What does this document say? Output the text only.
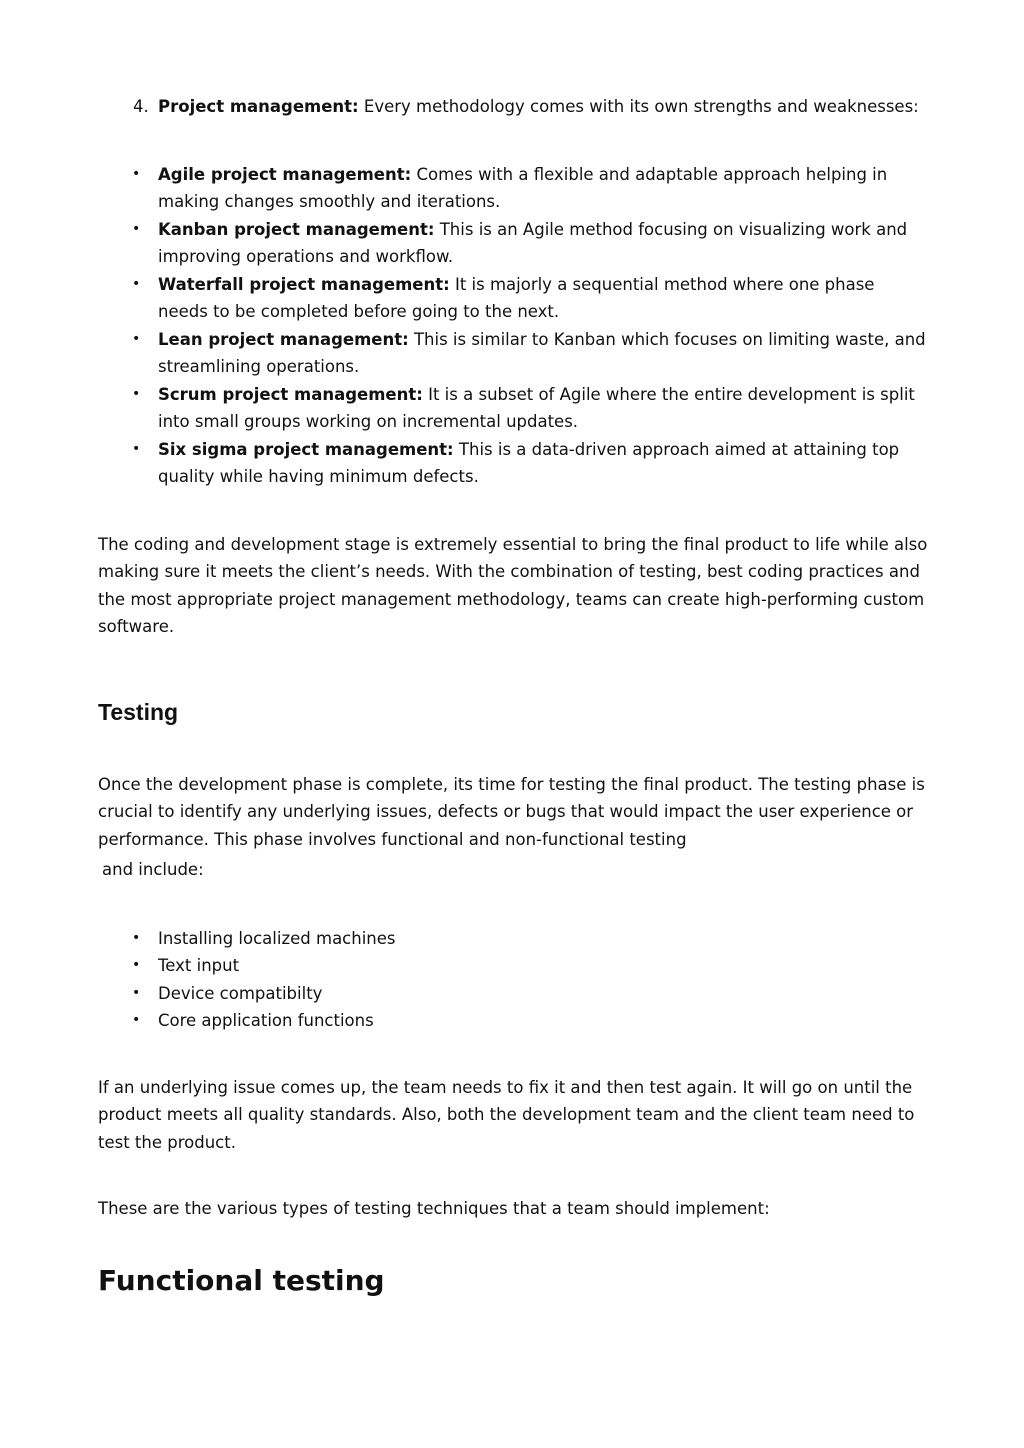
4. Project management: Every methodology comes with its own strengths and weaknesses:
• Agile project management: Comes with a flexible and adaptable approach helping in making changes smoothly and iterations.
• Kanban project management: This is an Agile method focusing on visualizing work and improving operations and workflow.
• Waterfall project management: It is majorly a sequential method where one phase needs to be completed before going to the next.
• Lean project management: This is similar to Kanban which focuses on limiting waste, and streamlining operations.
• Scrum project management: It is a subset of Agile where the entire development is split into small groups working on incremental updates.
• Six sigma project management: This is a data-driven approach aimed at attaining top quality while having minimum defects.

The coding and development stage is extremely essential to bring the final product to life while also making sure it meets the client’s needs. With the combination of testing, best coding practices and the most appropriate project management methodology, teams can create high-performing custom software.

Testing

Once the development phase is complete, its time for testing the final product. The testing phase is crucial to identify any underlying issues, defects or bugs that would impact the user experience or performance. This phase involves functional and non-functional testing

and include:

• Installing localized machines
• Text input
• Device compatibilty
• Core application functions

If an underlying issue comes up, the team needs to fix it and then test again. It will go on until the product meets all quality standards. Also, both the development team and the client team need to test the product.

These are the various types of testing techniques that a team should implement:

Functional testing
